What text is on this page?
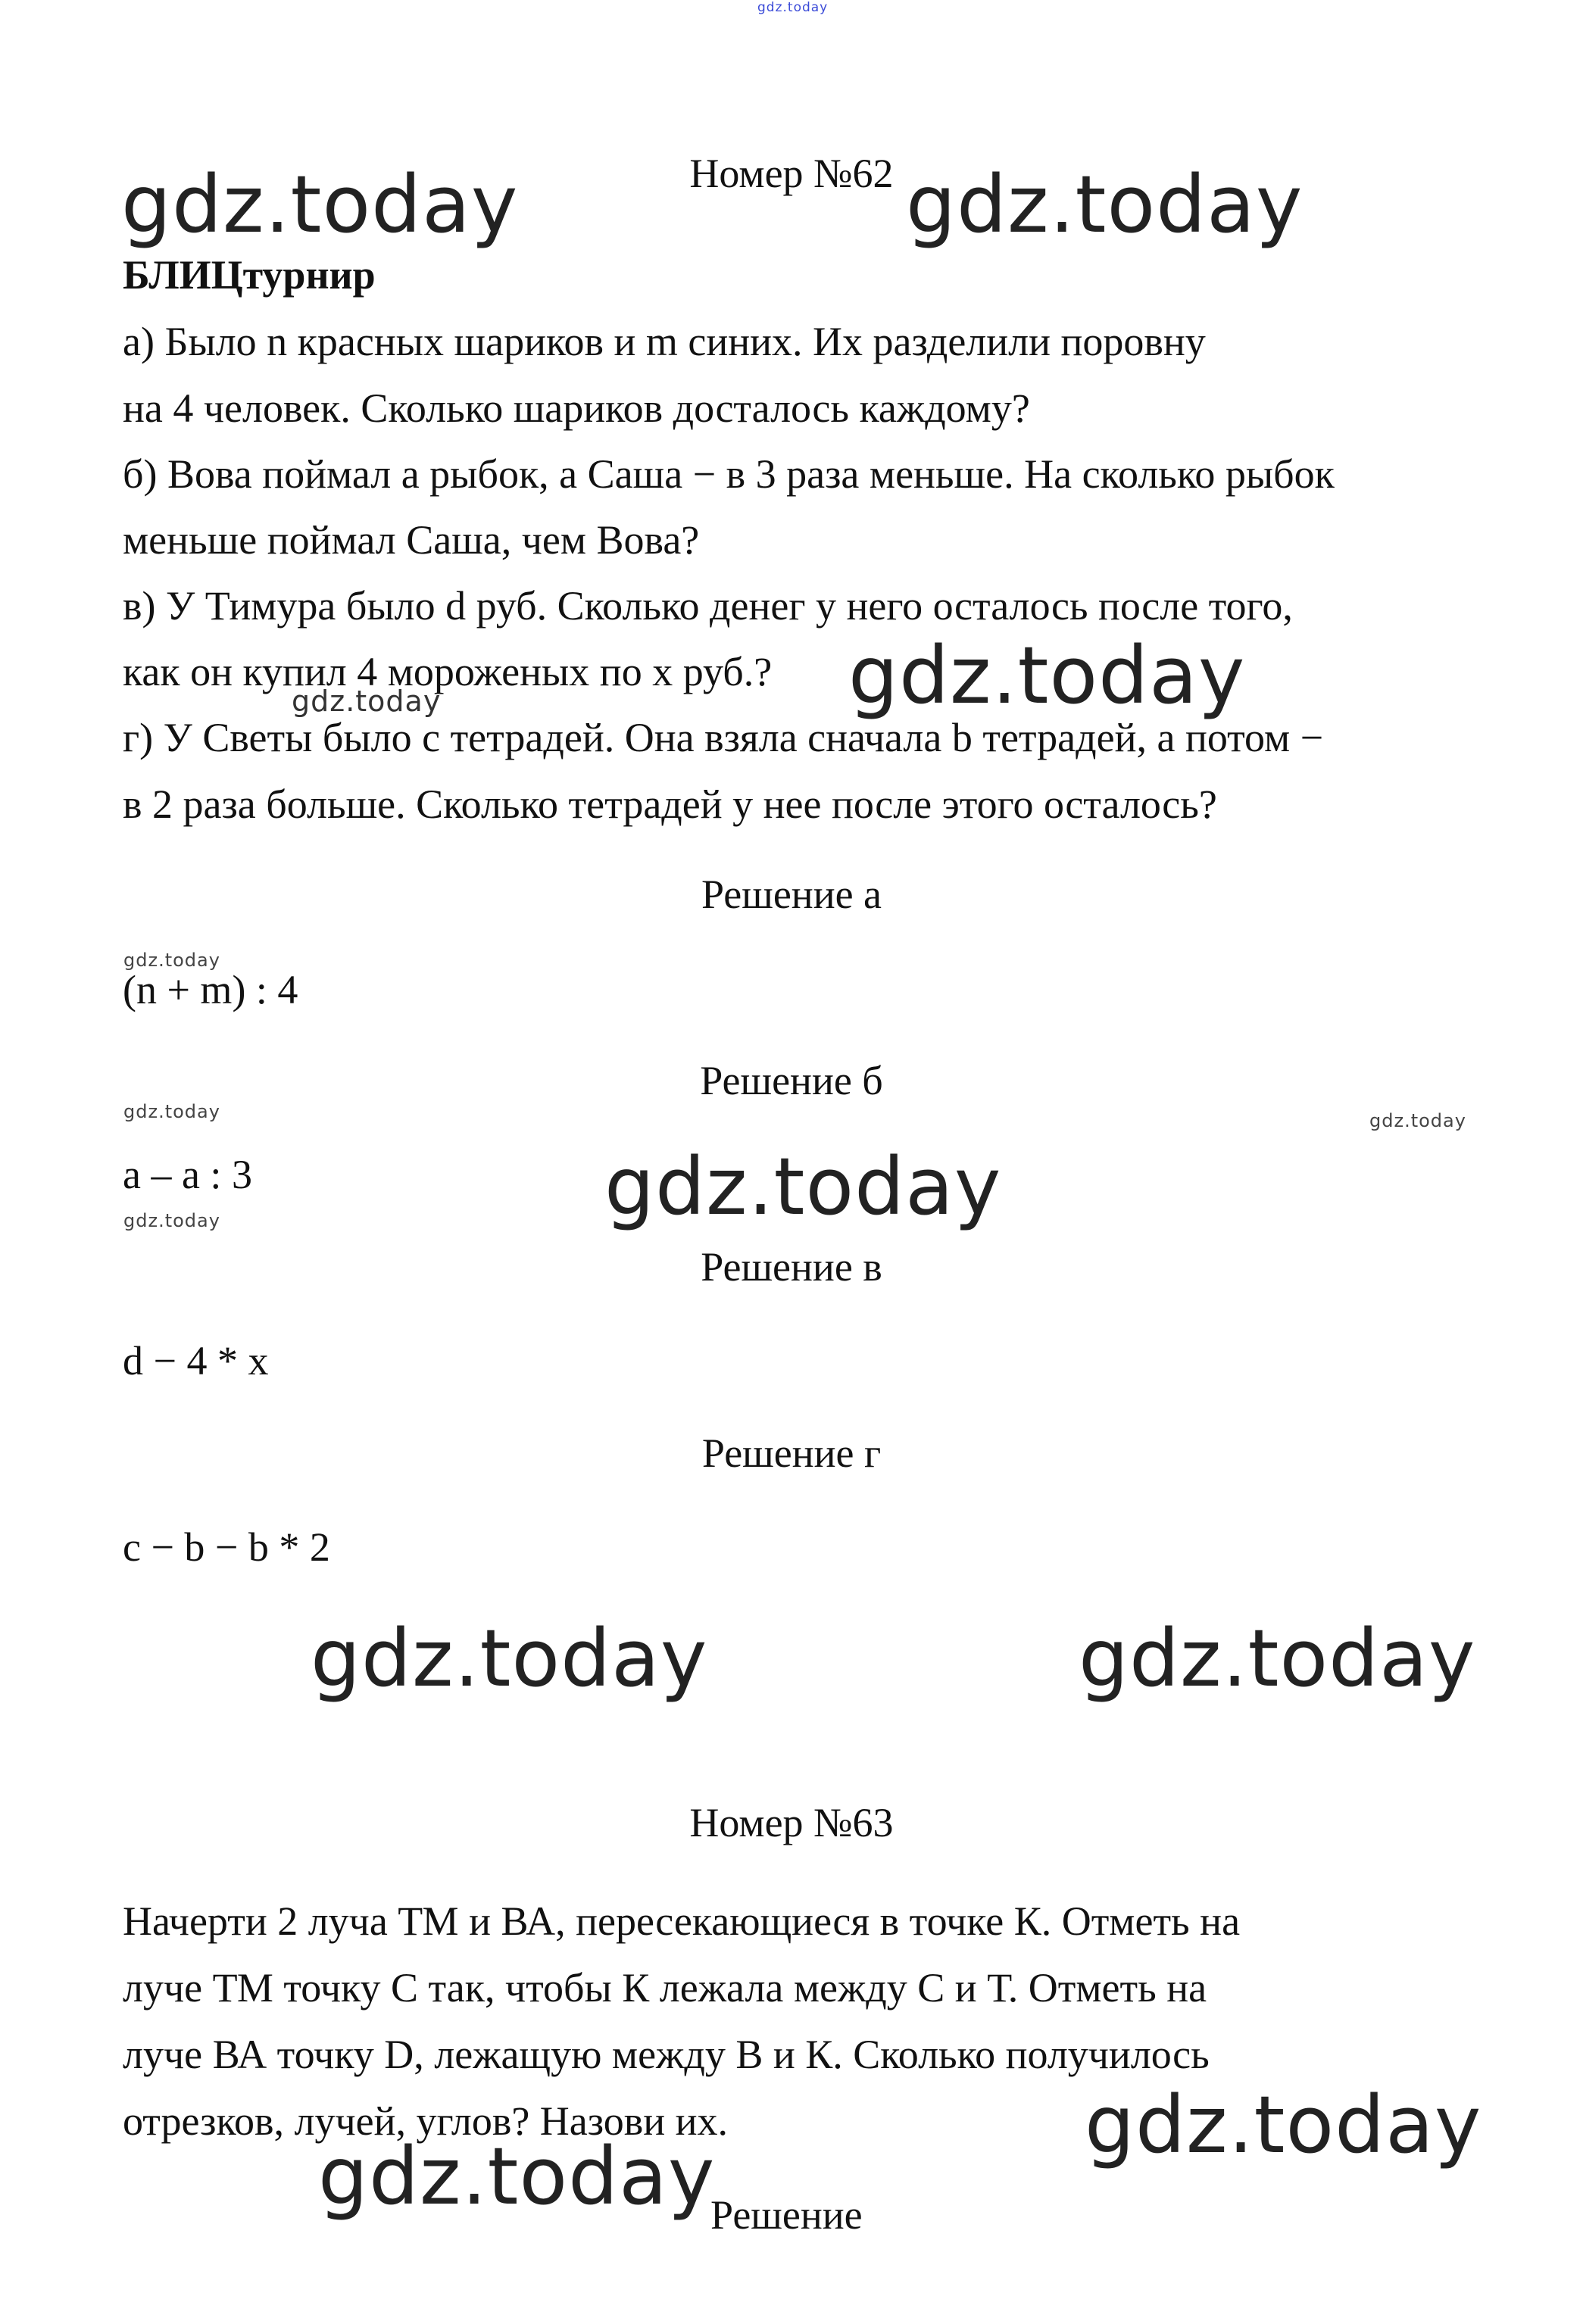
gdz.today
Номер №62
gdz.today	gdz.today
БЛИЦтурнир
а) Было n красных шариков и m синих. Их разделили поровну
на 4 человек. Сколько шариков досталось каждому?
б) Вова поймал а рыбок, а Саша − в 3 раза меньше. На сколько рыбок
меньше поймал Саша, чем Вова?
в) У Тимура было d руб. Сколько денег у него осталось после того,
как он купил 4 мороженых по х руб.? gdz.today
gdz.today
г) У Светы было с тетрадей. Она взяла сначала b тетрадей, а потом −
в 2 раза больше. Сколько тетрадей у нее после этого осталось?
Решение а
gdz.today
(n + m) : 4
Решение б
gdz.today	gdz.today
a – a : 3	gdz.today
gdz.today
Решение в
d − 4 * x
Решение г
c − b − b * 2
gdz.today	gdz.today
Номер №63
Начерти 2 луча ТМ и ВА, пересекающиеся в точке К. Отметь на
луче ТМ точку С так, чтобы К лежала между С и Т. Отметь на
луче ВА точку D, лежащую между В и К. Сколько получилось
отрезков, лучей, углов? Назови их.	gdz.today
gdz.today
Решение
